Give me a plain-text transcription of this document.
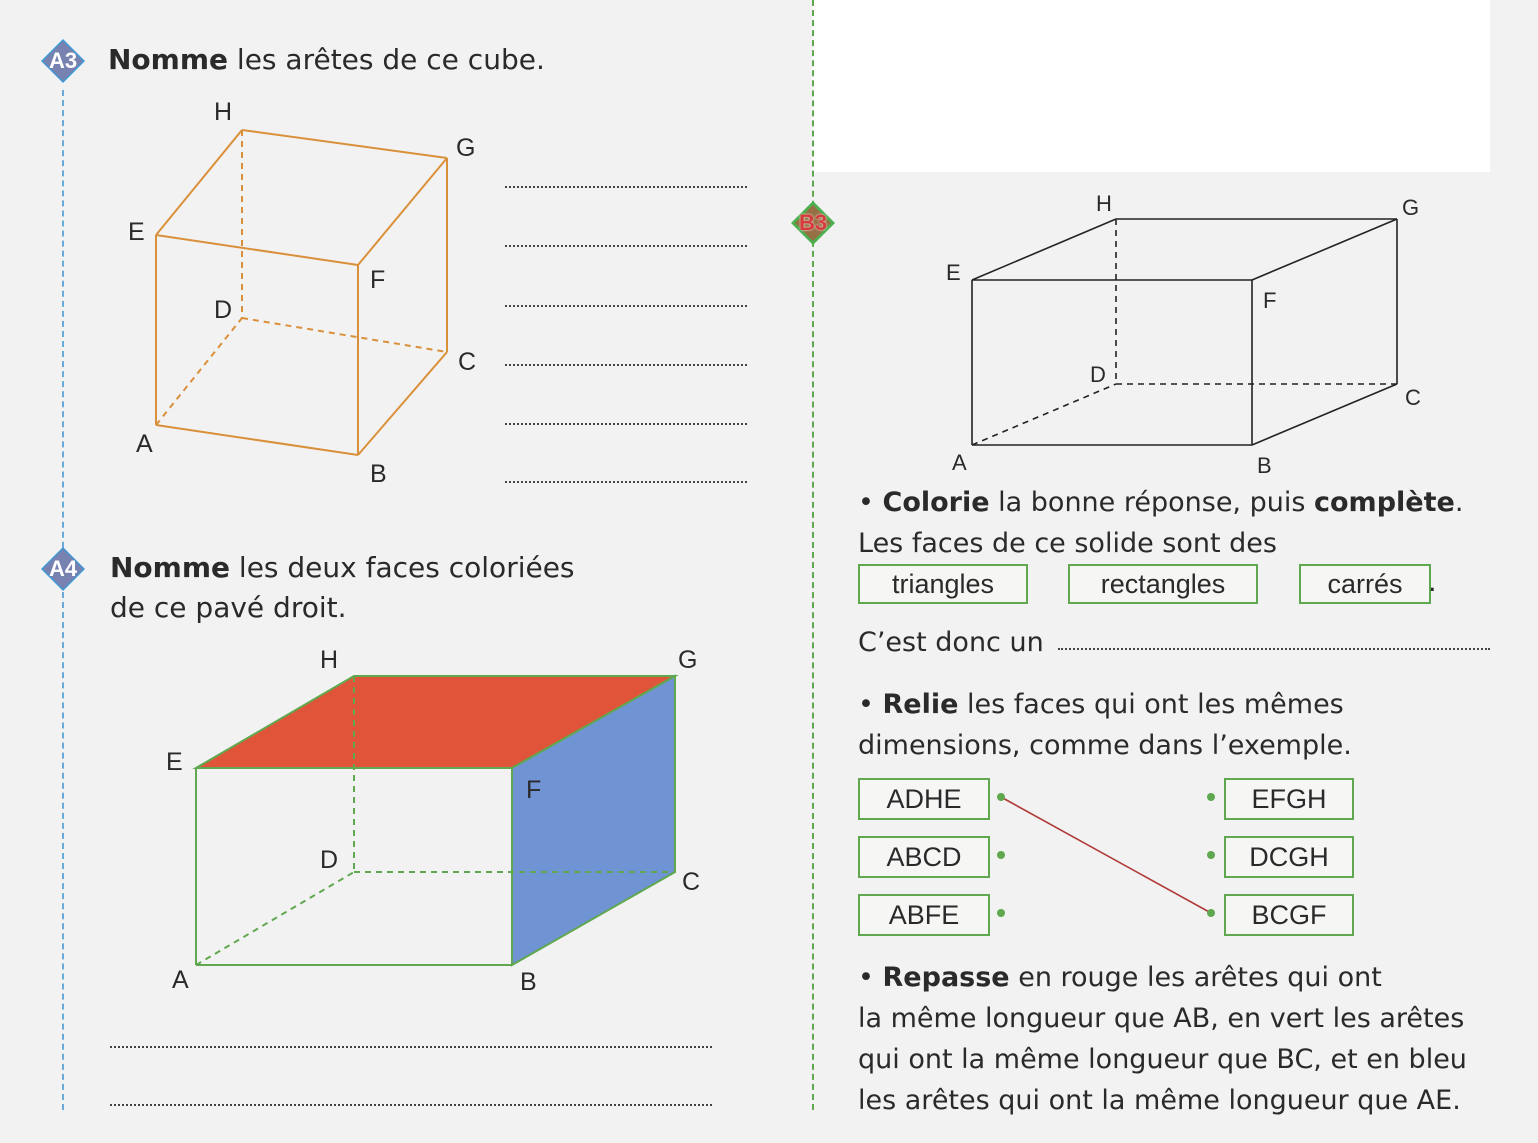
A3	Nomme les arêtes de ce cube.
H
G
E
F
D
C
A
B
A4	Nomme les deux faces coloriées
de ce pavé droit.
H	G
E
F
D
C
A	B
B3
H	G
E
F
D
C
A	B
• Colorie la bonne réponse, puis complète.
Les faces de ce solide sont des
triangles	rectangles	carrés .
C’est donc un
• Relie les faces qui ont les mêmes
dimensions, comme dans l’exemple.
ADHE
ABCD
ABFE
EFGH
DCGH
BCGF
• Repasse en rouge les arêtes qui ont
la même longueur que AB, en vert les arêtes
qui ont la même longueur que BC, et en bleu
les arêtes qui ont la même longueur que AE.
